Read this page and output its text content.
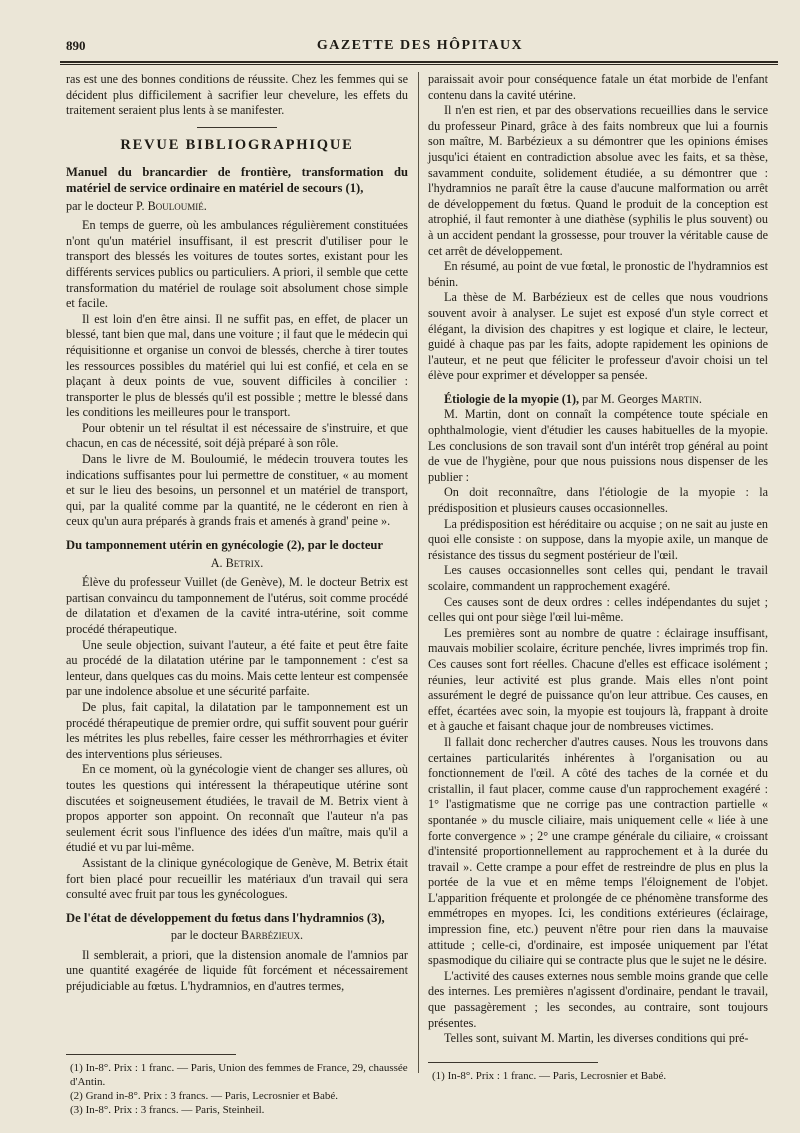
890	GAZETTE DES HÔPITAUX

ras est une des bonnes conditions de réussite. Chez les femmes qui se décident plus difficilement à sacrifier leur chevelure, les effets du traitement seraient plus lents à se manifester.

REVUE BIBLIOGRAPHIQUE

Manuel du brancardier de frontière, transformation du matériel de service ordinaire en matériel de secours (1),

par le docteur P. Bouloumié.

En temps de guerre, où les ambulances régulièrement constituées n'ont qu'un matériel insuffisant, il est prescrit d'utiliser pour le transport des blessés les voitures de toutes sortes, existant pour les différents services publics ou particuliers. A priori, il semble que cette transformation du matériel de roulage soit absolument chose simple et facile.

Il est loin d'en être ainsi. Il ne suffit pas, en effet, de placer un blessé, tant bien que mal, dans une voiture ; il faut que le médecin qui réquisitionne et organise un convoi de blessés, cherche à tirer toutes les ressources possibles du matériel qui lui est confié, et cela en se plaçant à deux points de vue, souvent difficiles à concilier : transporter le plus de blessés qu'il est possible ; mettre le blessé dans les conditions les meilleures pour le transport.

Pour obtenir un tel résultat il est nécessaire de s'instruire, et que chacun, en cas de nécessité, soit déjà préparé à son rôle.

Dans le livre de M. Bouloumié, le médecin trouvera toutes les indications suffisantes pour lui permettre de constituer, « au moment et sur le lieu des besoins, un personnel et un matériel de transport, qui, par la qualité comme par la quantité, ne le céderont en rien à ceux qu'un aura préparés à grands frais et amenés à grand' peine ».

Du tamponnement utérin en gynécologie (2), par le docteur

A. Betrix.

Élève du professeur Vuillet (de Genève), M. le docteur Betrix est partisan convaincu du tamponnement de l'utérus, soit comme procédé de dilatation et d'examen de la cavité intra-utérine, soit comme procédé thérapeutique.

Une seule objection, suivant l'auteur, a été faite et peut être faite au procédé de la dilatation utérine par le tamponnement : c'est sa lenteur, dans quelques cas du moins. Mais cette lenteur est compensée par une indolence absolue et une sécurité parfaite.

De plus, fait capital, la dilatation par le tamponnement est un procédé thérapeutique de premier ordre, qui suffit souvent pour guérir les métrites les plus rebelles, faire cesser les méthrorrhagies et éviter des interventions plus sérieuses.

En ce moment, où la gynécologie vient de changer ses allures, où toutes les questions qui intéressent la thérapeutique utérine sont discutées et soigneusement étudiées, le travail de M. Betrix vient à propos apporter son appoint. On reconnaît que l'auteur n'a pas seulement écrit sous l'influence des idées d'un maître, mais qu'il a étudié et vu par lui-même.

Assistant de la clinique gynécologique de Genève, M. Betrix était fort bien placé pour recueillir les matériaux d'un travail qui sera consulté avec fruit par tous les gynécologues.

De l'état de développement du fœtus dans l'hydramnios (3),

par le docteur Barbézieux.

Il semblerait, a priori, que la distension anomale de l'amnios par une quantité exagérée de liquide fût forcément et nécessairement préjudiciable au fœtus. L'hydramnios, en d'autres termes,

(1) In-8°. Prix : 1 franc. — Paris, Union des femmes de France, 29, chaussée d'Antin.

(2) Grand in-8°. Prix : 3 francs. — Paris, Lecrosnier et Babé.

(3) In-8°. Prix : 3 francs. — Paris, Steinheil.

paraissait avoir pour conséquence fatale un état morbide de l'enfant contenu dans la cavité utérine.

Il n'en est rien, et par des observations recueillies dans le service du professeur Pinard, grâce à des faits nombreux que lui a fournis son maître, M. Barbézieux a su démontrer que les opinions émises jusqu'ici étaient en contradiction absolue avec les faits, et sa thèse, savamment conduite, solidement étudiée, a su démontrer que : l'hydramnios ne paraît être la cause d'aucune malformation ou arrêt de développement du fœtus. Quand le produit de la conception est atrophié, il faut remonter à une diathèse (syphilis le plus souvent) ou à un accident pendant la grossesse, pour trouver la véritable cause de cet arrêt de développement.

En résumé, au point de vue fœtal, le pronostic de l'hydramnios est bénin.

La thèse de M. Barbézieux est de celles que nous voudrions souvent avoir à analyser. Le sujet est exposé d'un style correct et élégant, la division des chapitres y est logique et claire, le lecteur, guidé à chaque pas par les faits, adopte rapidement les opinions de l'auteur, et ne peut que féliciter le professeur d'avoir choisi un tel élève pour exprimer et développer sa pensée.

Étiologie de la myopie (1), par M. Georges Martin.

M. Martin, dont on connaît la compétence toute spéciale en ophthalmologie, vient d'étudier les causes habituelles de la myopie. Les conclusions de son travail sont d'un intérêt trop général au point de vue de l'hygiène, pour que nous puissions nous dispenser de les publier :

On doit reconnaître, dans l'étiologie de la myopie : la prédisposition et plusieurs causes occasionnelles.

La prédisposition est héréditaire ou acquise ; on ne sait au juste en quoi elle consiste : on suppose, dans la myopie axile, un manque de résistance des tissus du segment postérieur de l'œil.

Les causes occasionnelles sont celles qui, pendant le travail scolaire, commandent un rapprochement exagéré.

Ces causes sont de deux ordres : celles indépendantes du sujet ; celles qui ont pour siège l'œil lui-même.

Les premières sont au nombre de quatre : éclairage insuffisant, mauvais mobilier scolaire, écriture penchée, livres imprimés trop fin. Ces causes sont fort réelles. Chacune d'elles est efficace isolément ; réunies, leur activité est plus grande. Mais elles n'ont point assurément le degré de puissance qu'on leur attribue. Ces causes, en effet, écartées avec soin, la myopie est toujours là, frappant à droite et à gauche et faisant chaque jour de nombreuses victimes.

Il fallait donc rechercher d'autres causes. Nous les trouvons dans certaines particularités inhérentes à l'organisation ou au fonctionnement de l'œil. A côté des taches de la cornée et du cristallin, il faut placer, comme cause d'un rapprochement exagéré : 1° l'astigmatisme que ne corrige pas une contraction partielle « spontanée » du muscle ciliaire, mais uniquement celle « liée à une forte convergence » ; 2° une crampe générale du ciliaire, « croissant d'intensité proportionnellement au rapprochement et à la durée du travail ». Cette crampe a pour effet de restreindre de plus en plus la portée de la vue et en même temps l'éloignement de l'objet. L'apparition fréquente et prolongée de ce phénomène transforme des emmétropes en myopes. Ici, les conditions extérieures (éclairage, impression fine, etc.) peuvent n'être pour rien dans la mauvaise attitude ; celle-ci, d'ordinaire, est imposée uniquement par l'état spasmodique du ciliaire qui se contracte plus que le sujet ne le désire.

L'activité des causes externes nous semble moins grande que celle des internes. Les premières n'agissent d'ordinaire, pendant le travail, que passagèrement ; les secondes, au contraire, sont toujours présentes.

Telles sont, suivant M. Martin, les diverses conditions qui pré-

(1) In-8°. Prix : 1 franc. — Paris, Lecrosnier et Babé.
